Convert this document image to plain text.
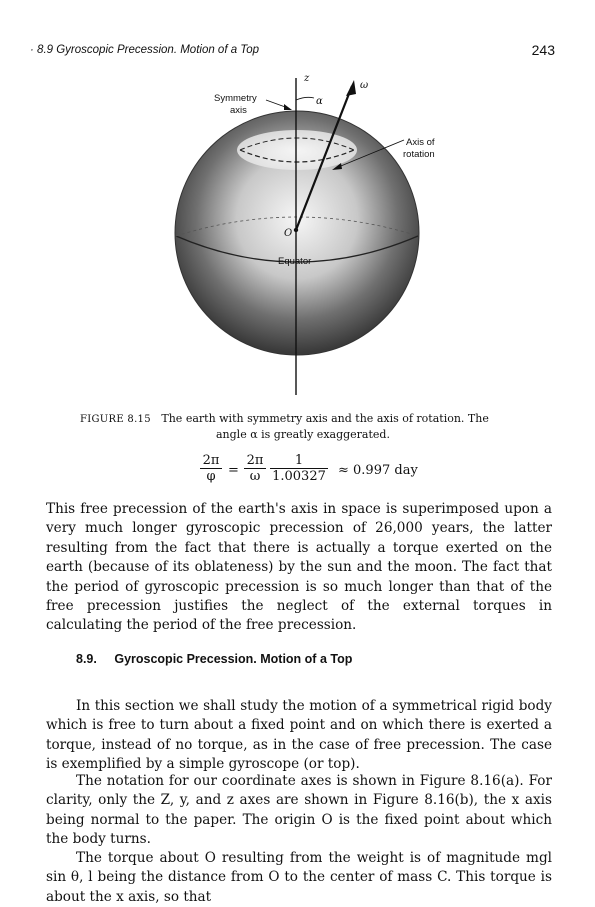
· 8.9 Gyroscopic Precession. Motion of a Top	243
z
ω
α
Symmetry
axis
Axis of
rotation
O
Equator
FIGURE 8.15 The earth with symmetry axis and the axis of rotation. The
angle α is greatly exaggerated.
$\frac{2\pi}{\varphi} = \frac{2\pi}{\omega} \frac{1}{1.00327} \approx 0.997$ day

This free precession of the earth's axis in space is superimposed upon a very much longer gyroscopic precession of 26,000 years, the latter resulting from the fact that there is actually a torque exerted on the earth (because of its oblateness) by the sun and the moon. The fact that the period of gyroscopic precession is so much longer than that of the free precession justifies the neglect of the external torques in calculating the period of the free precession.

8.9. Gyroscopic Precession. Motion of a Top

In this section we shall study the motion of a symmetrical rigid body which is free to turn about a fixed point and on which there is exerted a torque, instead of no torque, as in the case of free precession. The case is exemplified by a simple gyroscope (or top).

The notation for our coordinate axes is shown in Figure 8.16(a). For clarity, only the Z, y, and z axes are shown in Figure 8.16(b), the x axis being normal to the paper. The origin O is the fixed point about which the body turns.

The torque about O resulting from the weight is of magnitude mgl sin θ, l being the distance from O to the center of mass C. This torque is about the x axis, so that
